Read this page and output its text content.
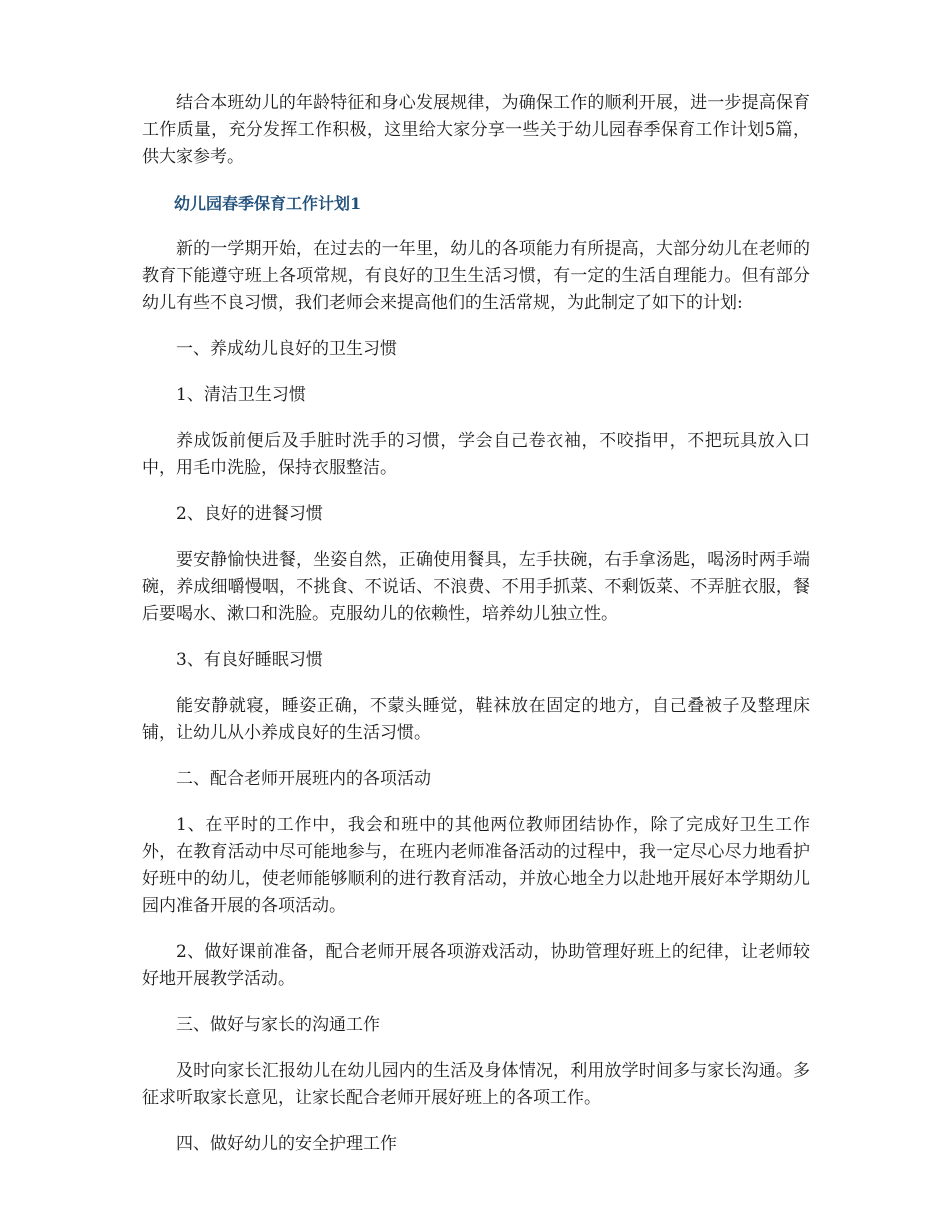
结合本班幼儿的年龄特征和身心发展规律，为确保工作的顺利开展，进一步提高保育工作质量，充分发挥工作积极，这里给大家分享一些关于幼儿园春季保育工作计划5篇，供大家参考。

幼儿园春季保育工作计划1

新的一学期开始，在过去的一年里，幼儿的各项能力有所提高，大部分幼儿在老师的教育下能遵守班上各项常规，有良好的卫生生活习惯，有一定的生活自理能力。但有部分幼儿有些不良习惯，我们老师会来提高他们的生活常规，为此制定了如下的计划:

一、养成幼儿良好的卫生习惯

1、清洁卫生习惯

养成饭前便后及手脏时洗手的习惯，学会自己卷衣袖，不咬指甲，不把玩具放入口中，用毛巾洗脸，保持衣服整洁。

2、良好的进餐习惯

要安静愉快进餐，坐姿自然，正确使用餐具，左手扶碗，右手拿汤匙，喝汤时两手端碗，养成细嚼慢咽，不挑食、不说话、不浪费、不用手抓菜、不剩饭菜、不弄脏衣服，餐后要喝水、漱口和洗脸。克服幼儿的依赖性，培养幼儿独立性。

3、有良好睡眠习惯

能安静就寝，睡姿正确，不蒙头睡觉，鞋袜放在固定的地方，自己叠被子及整理床铺，让幼儿从小养成良好的生活习惯。

二、配合老师开展班内的各项活动

1、在平时的工作中，我会和班中的其他两位教师团结协作，除了完成好卫生工作外，在教育活动中尽可能地参与，在班内老师准备活动的过程中，我一定尽心尽力地看护好班中的幼儿，使老师能够顺利的进行教育活动，并放心地全力以赴地开展好本学期幼儿园内准备开展的各项活动。

2、做好课前准备，配合老师开展各项游戏活动，协助管理好班上的纪律，让老师较好地开展教学活动。

三、做好与家长的沟通工作

及时向家长汇报幼儿在幼儿园内的生活及身体情况，利用放学时间多与家长沟通。多征求听取家长意见，让家长配合老师开展好班上的各项工作。

四、做好幼儿的安全护理工作
